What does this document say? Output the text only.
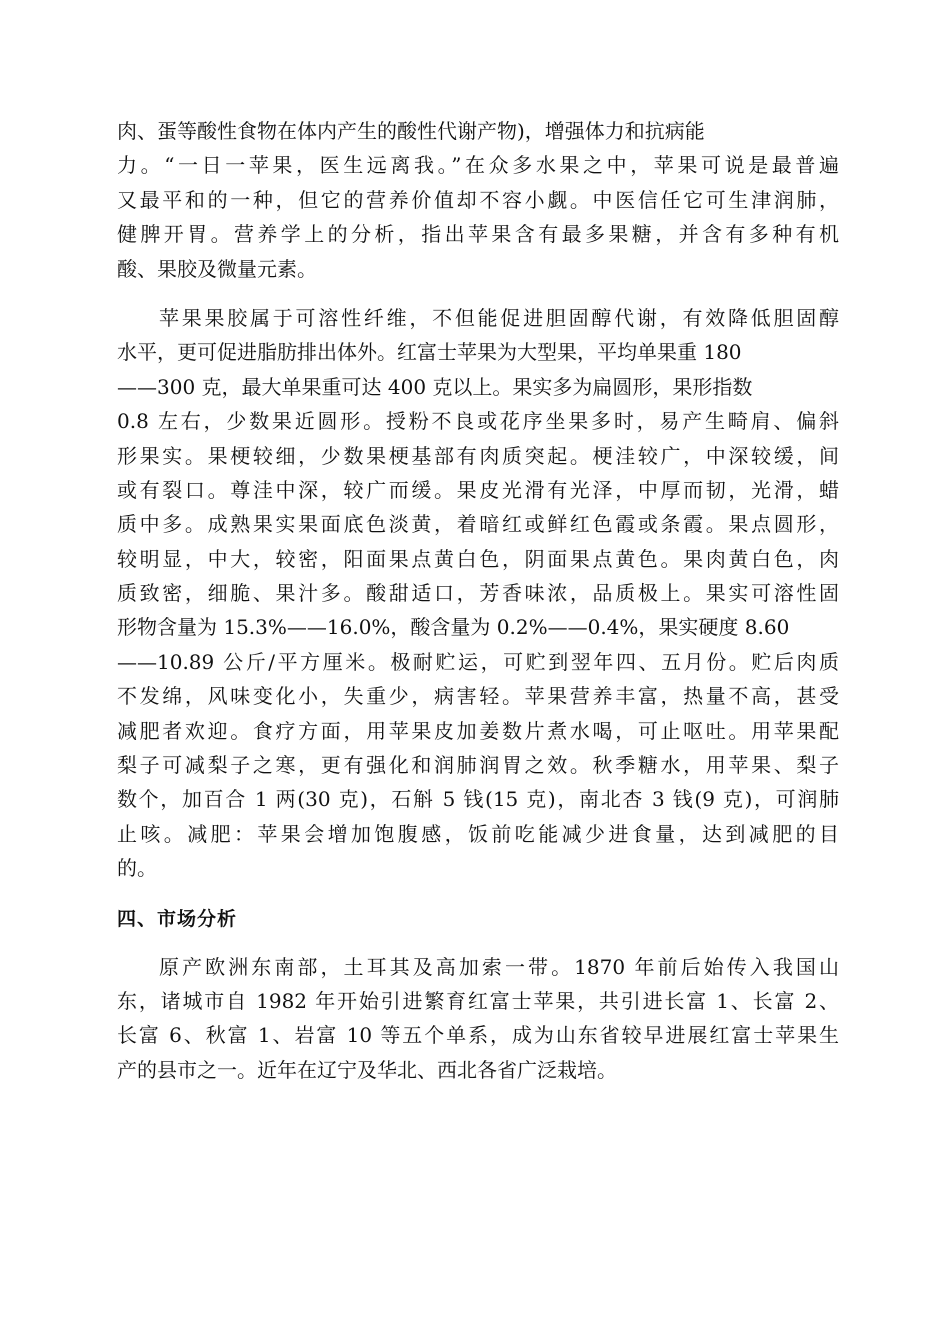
肉、蛋等酸性食物在体内产生的酸性代谢产物)，增强体力和抗病能
力。“一日一苹果，医生远离我。”在众多水果之中，苹果可说是最普遍
又最平和的一种，但它的营养价值却不容小觑。中医信任它可生津润肺，
健脾开胃。营养学上的分析，指出苹果含有最多果糖，并含有多种有机
酸、果胶及微量元素。
苹果果胶属于可溶性纤维，不但能促进胆固醇代谢，有效降低胆固醇
水平，更可促进脂肪排出体外。红富士苹果为大型果，平均单果重 180
——300 克，最大单果重可达 400 克以上。果实多为扁圆形，果形指数
0.8 左右，少数果近圆形。授粉不良或花序坐果多时，易产生畸肩、偏斜
形果实。果梗较细，少数果梗基部有肉质突起。梗洼较广，中深较缓，间
或有裂口。尊洼中深，较广而缓。果皮光滑有光泽，中厚而韧，光滑，蜡
质中多。成熟果实果面底色淡黄，着暗红或鲜红色霞或条霞。果点圆形，
较明显，中大，较密，阳面果点黄白色，阴面果点黄色。果肉黄白色，肉
质致密，细脆、果汁多。酸甜适口，芳香味浓，品质极上。果实可溶性固
形物含量为 15.3%——16.0%，酸含量为 0.2%——0.4%，果实硬度 8.60
——10.89 公斤/平方厘米。极耐贮运，可贮到翌年四、五月份。贮后肉质
不发绵，风味变化小，失重少，病害轻。苹果营养丰富，热量不高，甚受
减肥者欢迎。食疗方面，用苹果皮加姜数片煮水喝，可止呕吐。用苹果配
梨子可减梨子之寒，更有强化和润肺润胃之效。秋季糖水，用苹果、梨子
数个，加百合 1 两(30 克)，石斛 5 钱(15 克)，南北杏 3 钱(9 克)，可润肺
止咳。减肥：苹果会增加饱腹感，饭前吃能减少进食量，达到减肥的目
的。
四、市场分析
原产欧洲东南部，土耳其及高加索一带。1870 年前后始传入我国山
东，诸城市自 1982 年开始引进繁育红富士苹果，共引进长富 1、长富 2、
长富 6、秋富 1、岩富 10 等五个单系，成为山东省较早进展红富士苹果生
产的县市之一。近年在辽宁及华北、西北各省广泛栽培。
